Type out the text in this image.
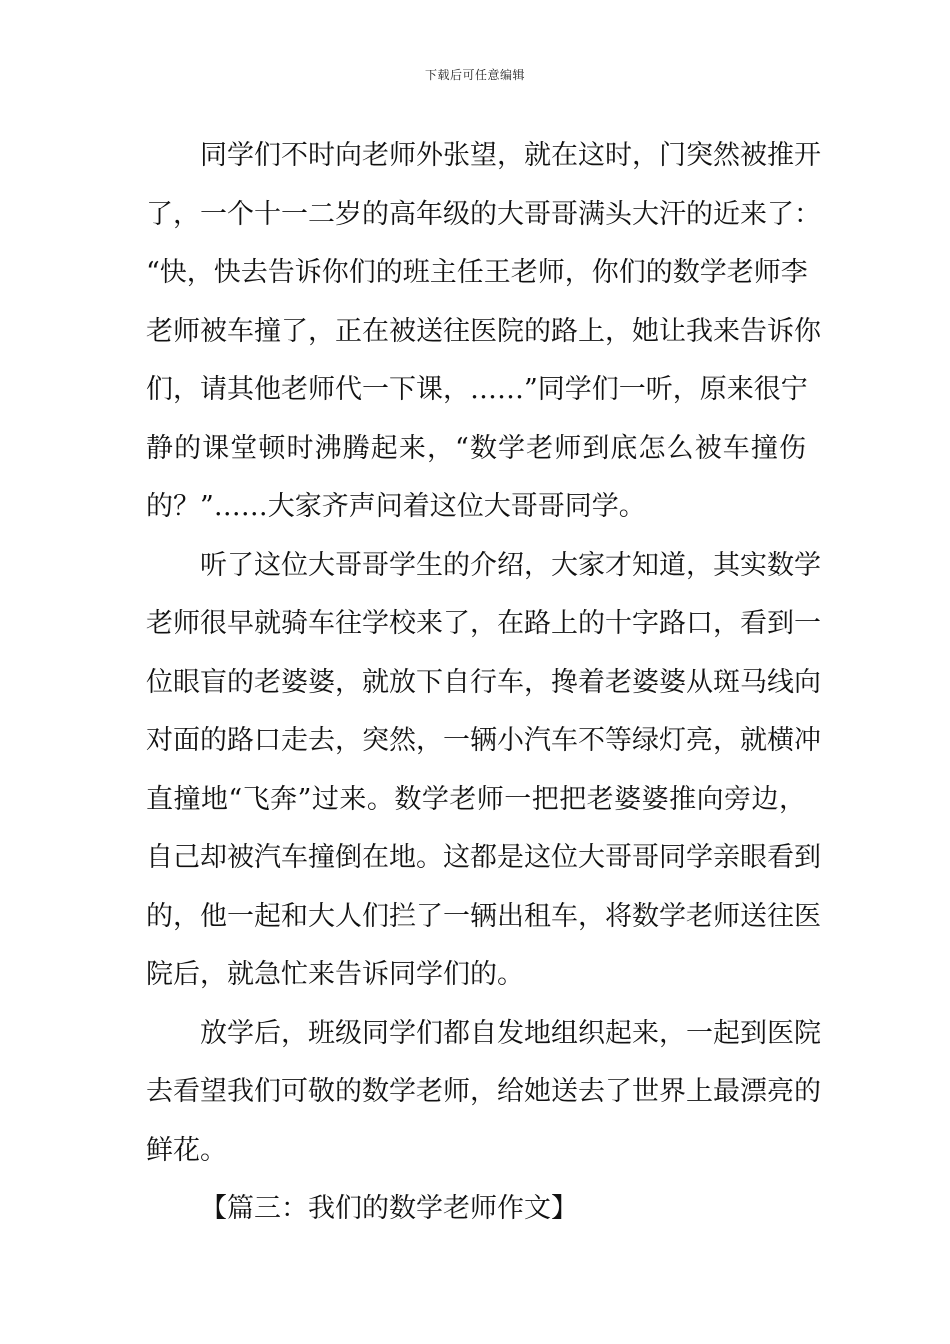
下载后可任意编辑
同学们不时向老师外张望，就在这时，门突然被推开
了，一个十一二岁的高年级的大哥哥满头大汗的近来了：
“快，快去告诉你们的班主任王老师，你们的数学老师李
老师被车撞了，正在被送往医院的路上，她让我来告诉你
们，请其他老师代一下课，……”同学们一听，原来很宁
静的课堂顿时沸腾起来，“数学老师到底怎么被车撞伤
的？”……大家齐声问着这位大哥哥同学。
听了这位大哥哥学生的介绍，大家才知道，其实数学
老师很早就骑车往学校来了，在路上的十字路口，看到一
位眼盲的老婆婆，就放下自行车，搀着老婆婆从斑马线向
对面的路口走去，突然，一辆小汽车不等绿灯亮，就横冲
直撞地“飞奔”过来。数学老师一把把老婆婆推向旁边，
自己却被汽车撞倒在地。这都是这位大哥哥同学亲眼看到
的，他一起和大人们拦了一辆出租车，将数学老师送往医
院后，就急忙来告诉同学们的。
放学后，班级同学们都自发地组织起来，一起到医院
去看望我们可敬的数学老师，给她送去了世界上最漂亮的
鲜花。
【篇三：我们的数学老师作文】
